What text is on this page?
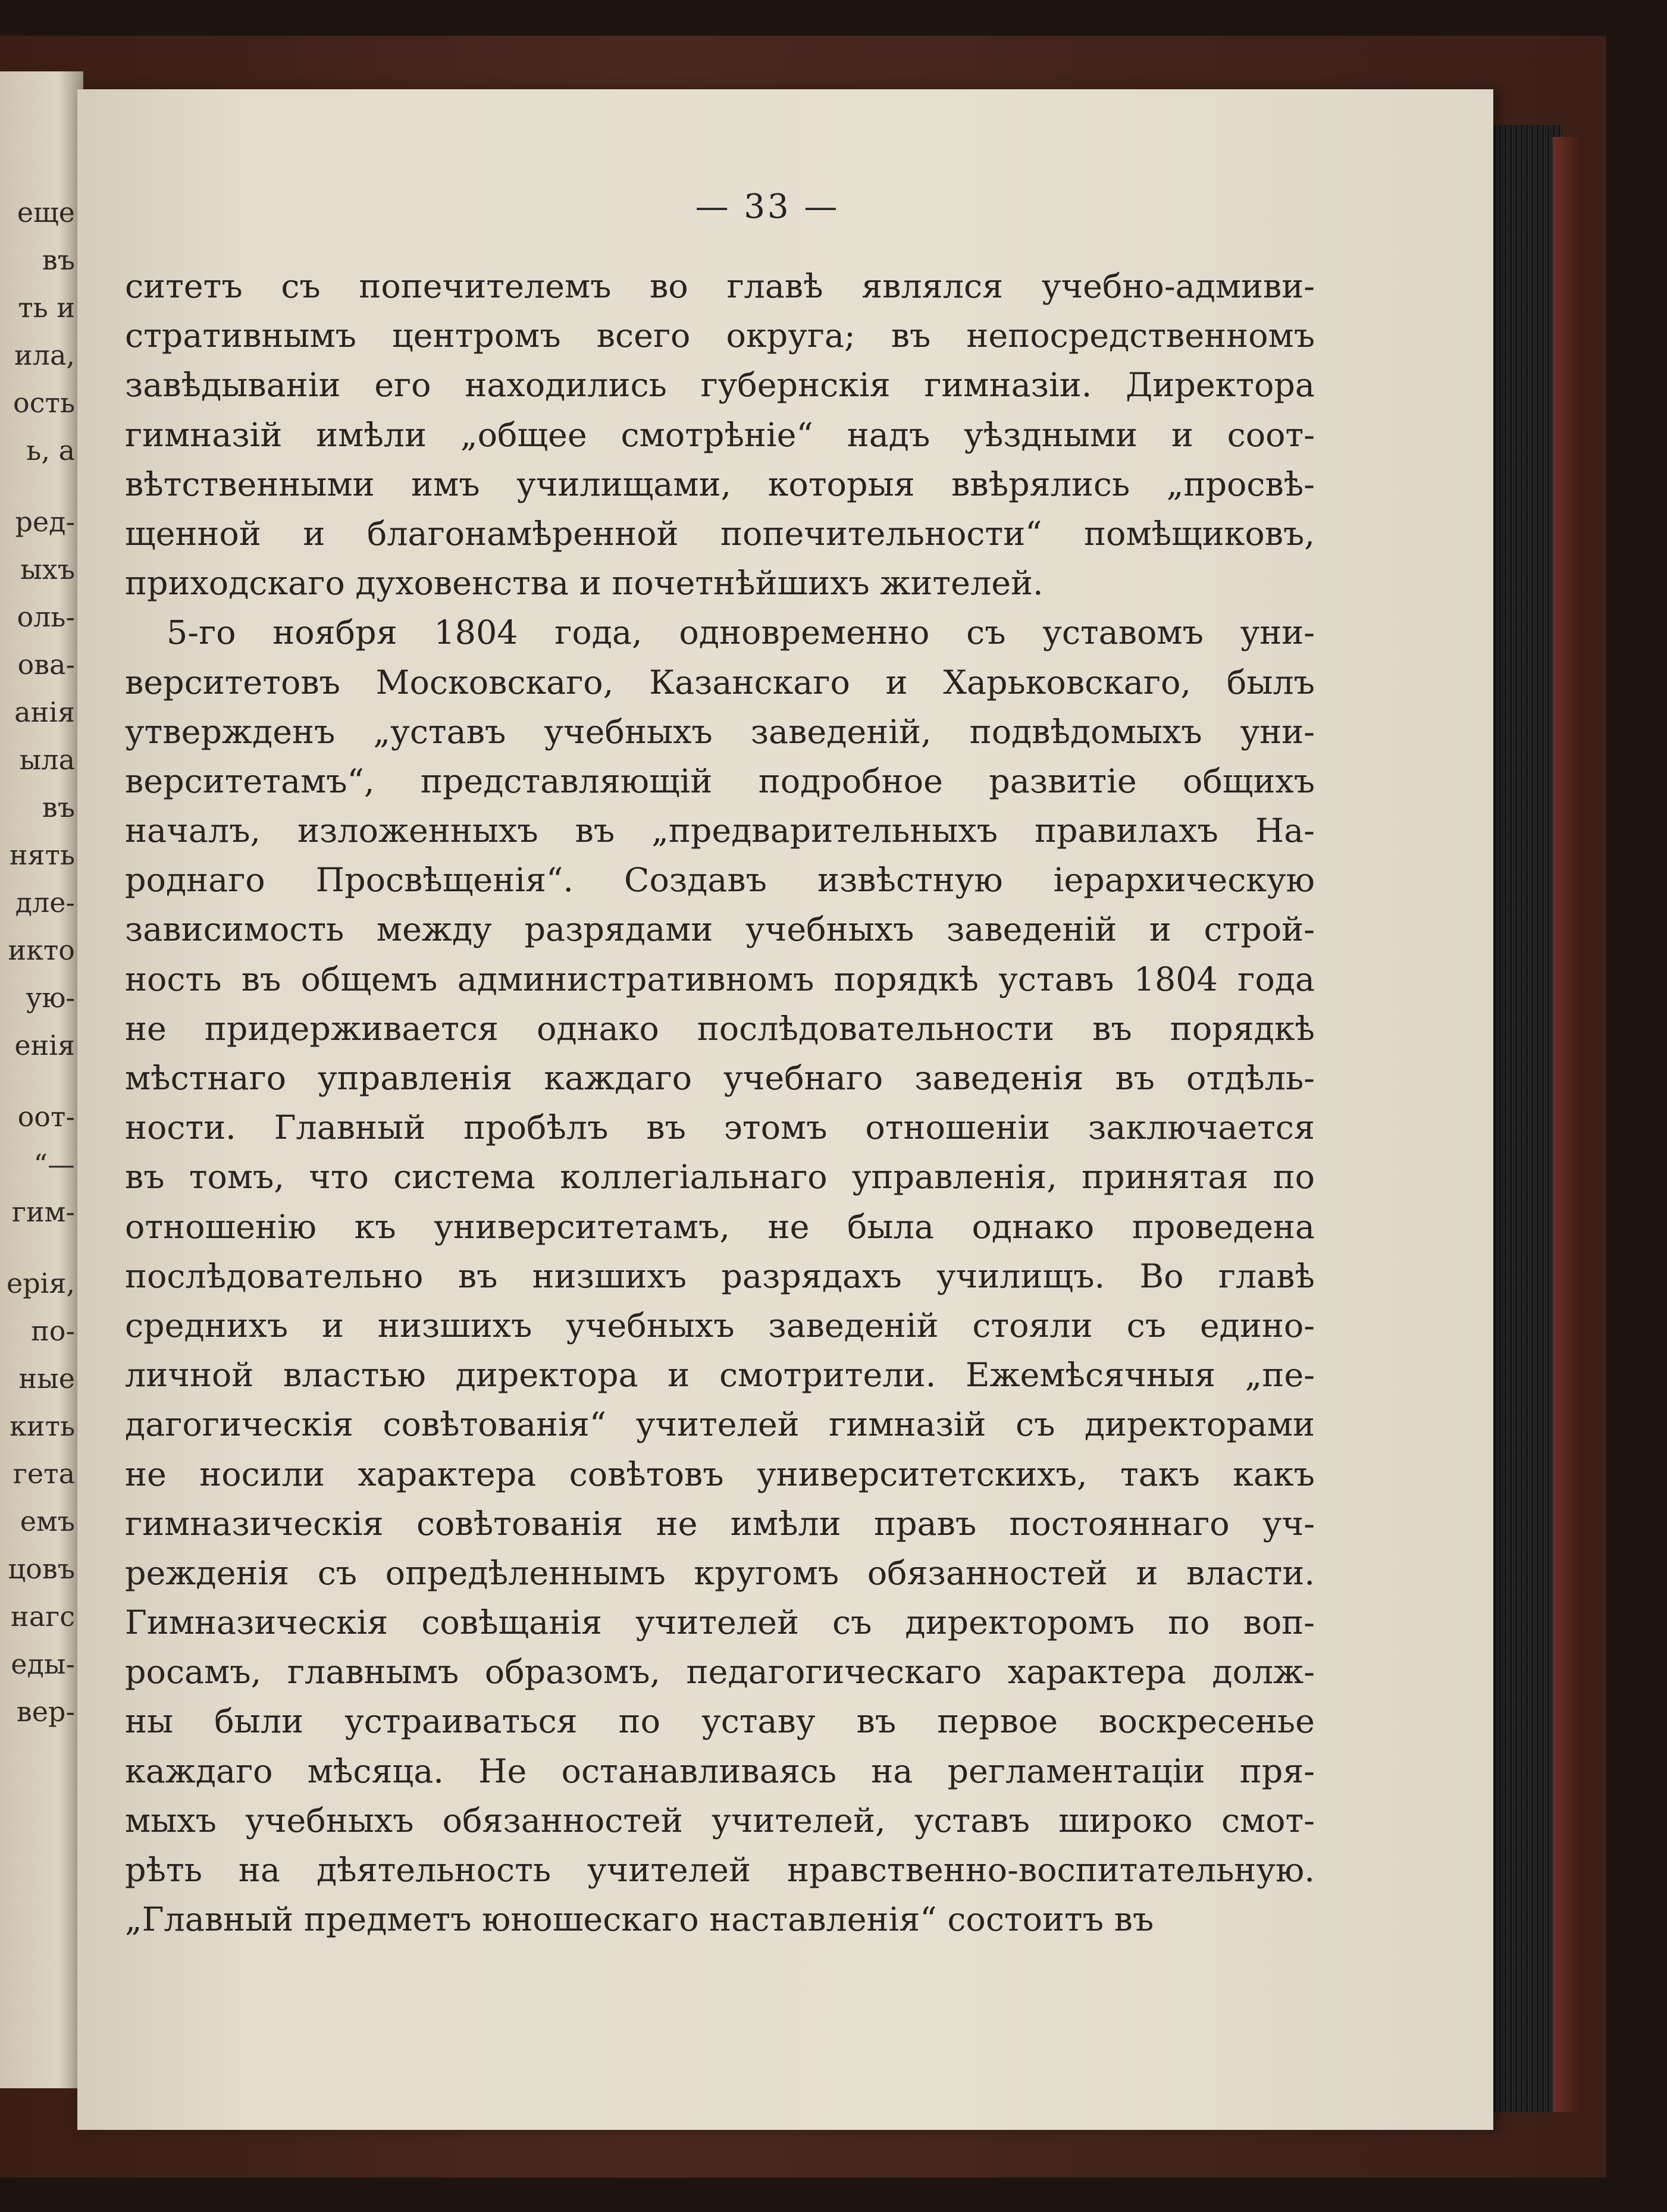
еще
въ
ть и
ила,
ость
ь, а
ред-
ыхъ
оль-
ова-
анія
ыла
въ
нять
дле-
икто
ую-
енія
оот-
“—
гим-
ерія,
по-
ные
кить
гета
емъ
цовъ
нагс
еды-
вер-
— 33 —
ситетъ съ попечителемъ во главѣ являлся учебно-адмиви-
стративнымъ центромъ всего округа; въ непосредственномъ
завѣдываніи его находились губернскія гимназіи. Директора
гимназій имѣли „общее смотрѣніе“ надъ уѣздными и соот-
вѣтственными имъ училищами, которыя ввѣрялись „просвѣ-
щенной и благонамѣренной попечительности“ помѣщиковъ,
приходскаго духовенства и почетнѣйшихъ жителей.
5-го ноября 1804 года, одновременно съ уставомъ уни-
верситетовъ Московскаго, Казанскаго и Харьковскаго, былъ
утвержденъ „уставъ учебныхъ заведеній, подвѣдомыхъ уни-
верситетамъ“, представляющій подробное развитіе общихъ
началъ, изложенныхъ въ „предварительныхъ правилахъ На-
роднаго Просвѣщенія“. Создавъ извѣстную іерархическую
зависимость между разрядами учебныхъ заведеній и строй-
ность въ общемъ административномъ порядкѣ уставъ 1804 года
не придерживается однако послѣдовательности въ порядкѣ
мѣстнаго управленія каждаго учебнаго заведенія въ отдѣль-
ности. Главный пробѣлъ въ этомъ отношеніи заключается
въ томъ, что система коллегіальнаго управленія, принятая по
отношенію къ университетамъ, не была однако проведена
послѣдовательно въ низшихъ разрядахъ училищъ. Во главѣ
среднихъ и низшихъ учебныхъ заведеній стояли съ едино-
личной властью директора и смотрители. Ежемѣсячныя „пе-
дагогическія совѣтованія“ учителей гимназій съ директорами
не носили характера совѣтовъ университетскихъ, такъ какъ
гимназическія совѣтованія не имѣли правъ постояннаго уч-
режденія съ опредѣленнымъ кругомъ обязанностей и власти.
Гимназическія совѣщанія учителей съ директоромъ по воп-
росамъ, главнымъ образомъ, педагогическаго характера долж-
ны были устраиваться по уставу въ первое воскресенье
каждаго мѣсяца. Не останавливаясь на регламентаціи пря-
мыхъ учебныхъ обязанностей учителей, уставъ широко смот-
рѣть на дѣятельность учителей нравственно-воспитательную.
„Главный предметъ юношескаго наставленія“ состоитъ въ
